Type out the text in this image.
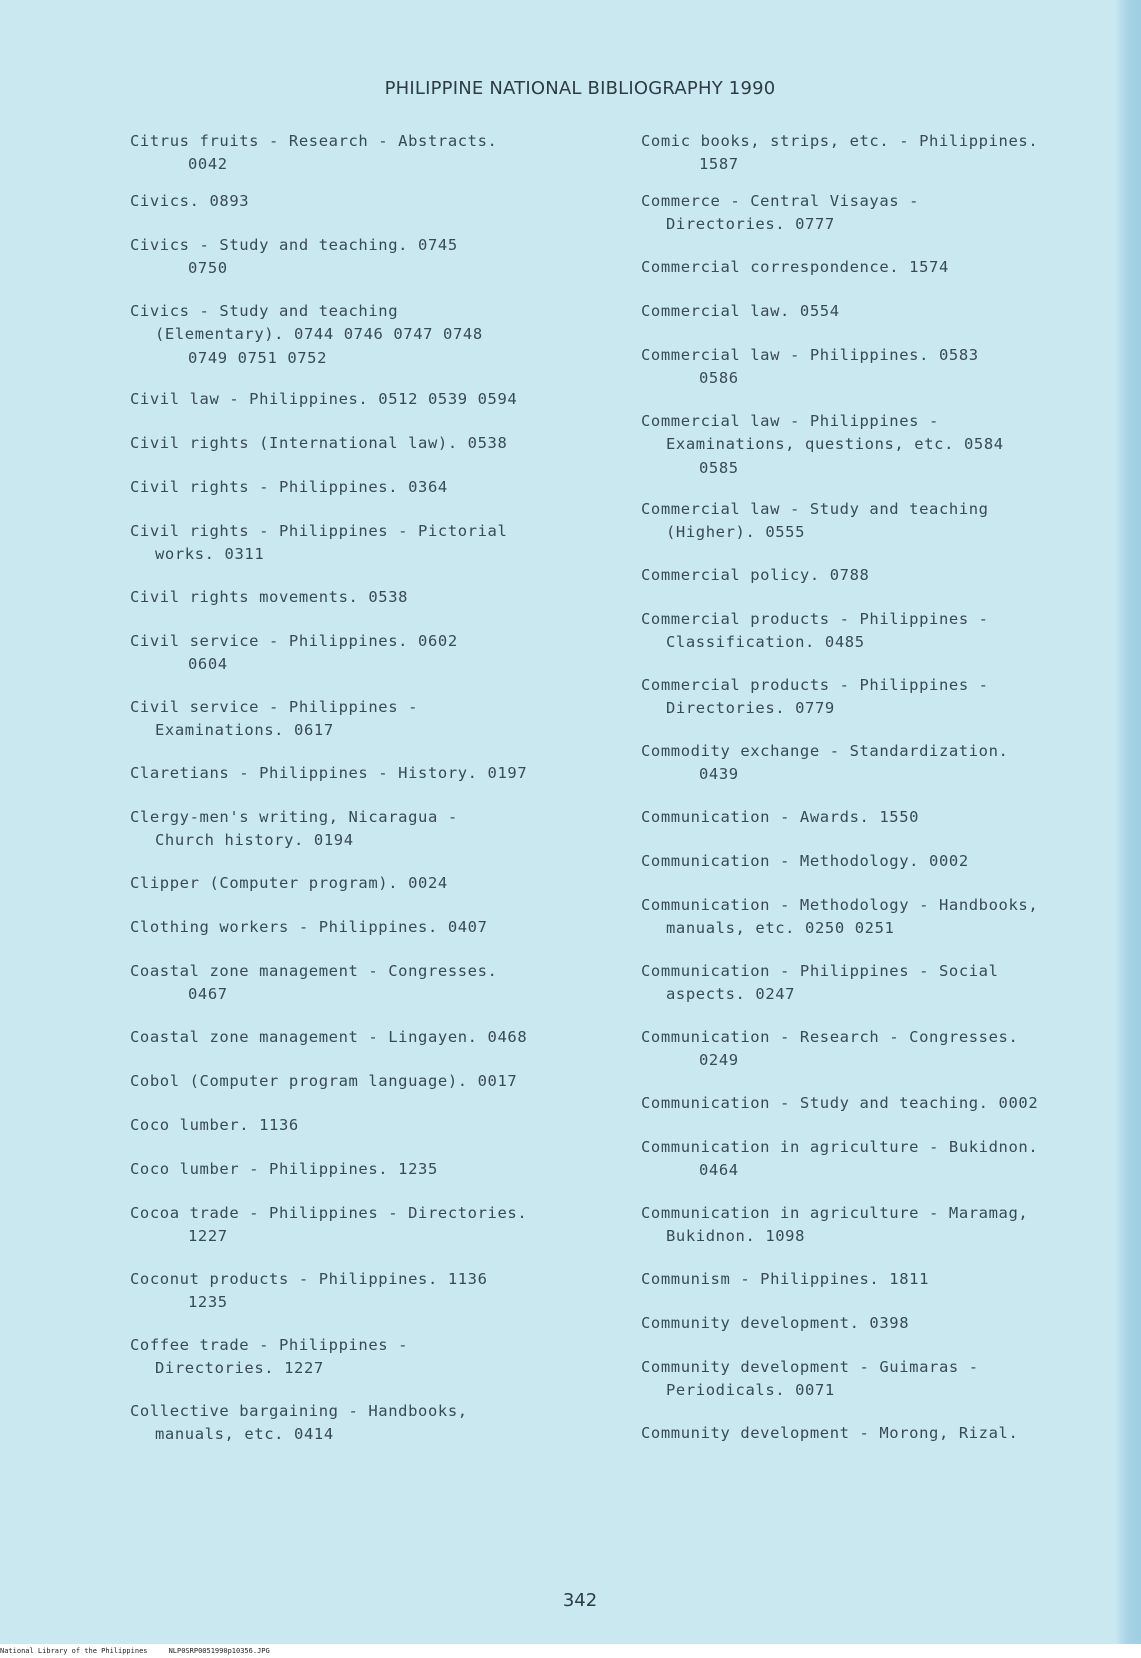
PHILIPPINE NATIONAL BIBLIOGRAPHY 1990
Citrus fruits - Research - Abstracts.
0042
Civics. 0893
Civics - Study and teaching. 0745
0750
Civics - Study and teaching
(Elementary). 0744 0746 0747 0748
0749 0751 0752
Civil law - Philippines. 0512 0539 0594
Civil rights (International law). 0538
Civil rights - Philippines. 0364
Civil rights - Philippines - Pictorial
works. 0311
Civil rights movements. 0538
Civil service - Philippines. 0602
0604
Civil service - Philippines -
Examinations. 0617
Claretians - Philippines - History. 0197
Clergy-men's writing, Nicaragua -
Church history. 0194
Clipper (Computer program). 0024
Clothing workers - Philippines. 0407
Coastal zone management - Congresses.
0467
Coastal zone management - Lingayen. 0468
Cobol (Computer program language). 0017
Coco lumber. 1136
Coco lumber - Philippines. 1235
Cocoa trade - Philippines - Directories.
1227
Coconut products - Philippines. 1136
1235
Coffee trade - Philippines -
Directories. 1227
Collective bargaining - Handbooks,
manuals, etc. 0414
Comic books, strips, etc. - Philippines.
1587
Commerce - Central Visayas -
Directories. 0777
Commercial correspondence. 1574
Commercial law. 0554
Commercial law - Philippines. 0583
0586
Commercial law - Philippines -
Examinations, questions, etc. 0584
0585
Commercial law - Study and teaching
(Higher). 0555
Commercial policy. 0788
Commercial products - Philippines -
Classification. 0485
Commercial products - Philippines -
Directories. 0779
Commodity exchange - Standardization.
0439
Communication - Awards. 1550
Communication - Methodology. 0002
Communication - Methodology - Handbooks,
manuals, etc. 0250 0251
Communication - Philippines - Social
aspects. 0247
Communication - Research - Congresses.
0249
Communication - Study and teaching. 0002
Communication in agriculture - Bukidnon.
0464
Communication in agriculture - Maramag,
Bukidnon. 1098
Communism - Philippines. 1811
Community development. 0398
Community development - Guimaras -
Periodicals. 0071
Community development - Morong, Rizal.
342
National Library of the Philippines     NLP0SRP0051990p10356.JPG
